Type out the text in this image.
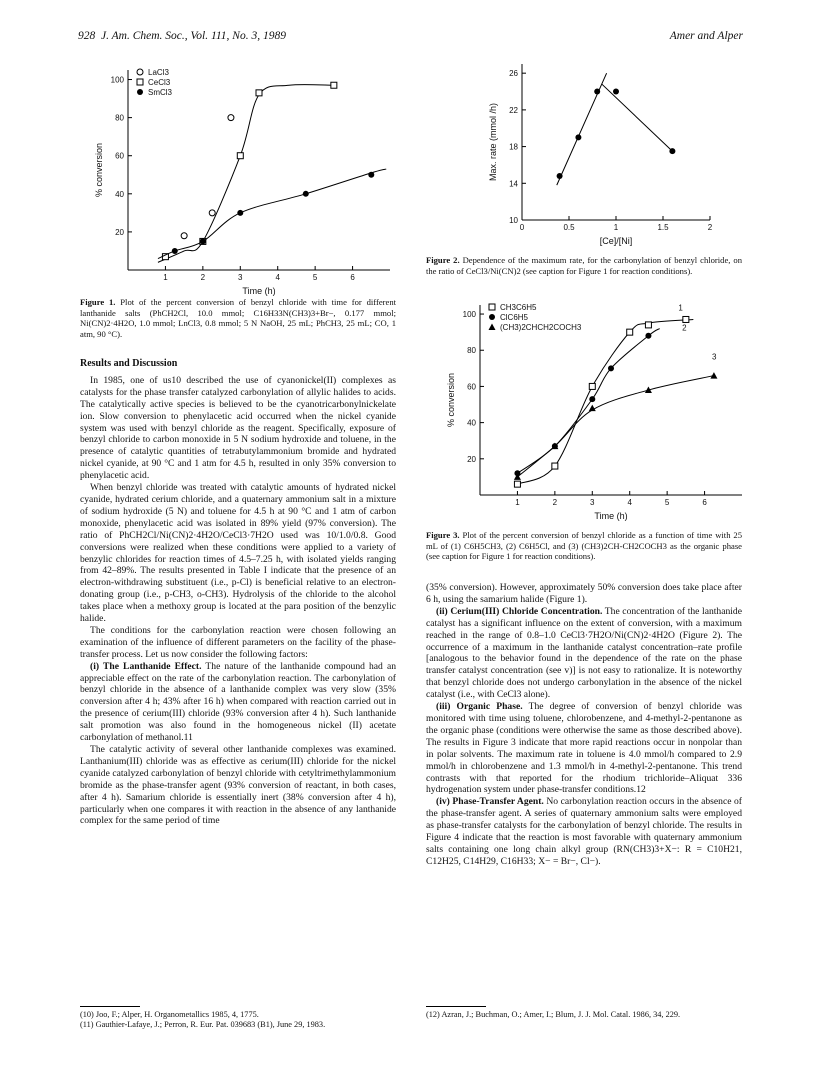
928 J. Am. Chem. Soc., Vol. 111, No. 3, 1989	Amer and Alper
1	2	3	4	5	6
20
40
60
80
100
Time (h)
% conversion
LaCl3
CeCl3
SmCl3
Figure 1. Plot of the percent conversion of benzyl chloride with time for different lanthanide salts (PhCH2Cl, 10.0 mmol; C16H33N(CH3)3+Br−, 0.177 mmol; Ni(CN)2·4H2O, 1.0 mmol; LnCl3, 0.8 mmol; 5 N NaOH, 25 mL; PhCH3, 25 mL; CO, 1 atm, 90 °C).
0	0.5	1	1.5	2
10
14
18
22
26
[Ce]/[Ni]
Max. rate (mmol /h)
Figure 2. Dependence of the maximum rate, for the carbonylation of benzyl chloride, on the ratio of CeCl3/Ni(CN)2 (see caption for Figure 1 for reaction conditions).
1	2	3	4	5	6
20
40
60
80
100
Time (h)
% conversion
CH3C6H5
ClC6H5
(CH3)2CHCH2COCH3
1
2
3
Figure 3. Plot of the percent conversion of benzyl chloride as a function of time with 25 mL of (1) C6H5CH3, (2) C6H5Cl, and (3) (CH3)2CH-CH2COCH3 as the organic phase (see caption for Figure 1 for reaction conditions).
Results and Discussion

In 1985, one of us10 described the use of cyanonickel(II) complexes as catalysts for the phase transfer catalyzed carbonylation of allylic halides to acids. The catalytically active species is believed to be the cyanotricarbonylnickelate ion. Slow conversion to phenylacetic acid occurred when the nickel cyanide system was used with benzyl chloride as the reagent. Specifically, exposure of benzyl chloride to carbon monoxide in 5 N sodium hydroxide and toluene, in the presence of catalytic quantities of tetrabutylammonium bromide and hydrated nickel cyanide, at 90 °C and 1 atm for 4.5 h, resulted in only 35% conversion to phenylacetic acid.

When benzyl chloride was treated with catalytic amounts of hydrated nickel cyanide, hydrated cerium chloride, and a quaternary ammonium salt in a mixture of sodium hydroxide (5 N) and toluene for 4.5 h at 90 °C and 1 atm of carbon monoxide, phenylacetic acid was isolated in 89% yield (97% conversion). The ratio of PhCH2Cl/Ni(CN)2·4H2O/CeCl3·7H2O used was 10/1.0/0.8. Good conversions were realized when these conditions were applied to a variety of benzylic chlorides for reaction times of 4.5–7.25 h, with isolated yields ranging from 42–89%. The results presented in Table I indicate that the presence of an electron-withdrawing substituent (i.e., p-Cl) is beneficial relative to an electron-donating group (i.e., p-CH3, o-CH3). Hydrolysis of the chloride to the alcohol takes place when a methoxy group is located at the para position of the benzylic halide.

The conditions for the carbonylation reaction were chosen following an examination of the influence of different parameters on the facility of the phase-transfer process. Let us now consider the following factors:

(i) The Lanthanide Effect. The nature of the lanthanide compound had an appreciable effect on the rate of the carbonylation reaction. The carbonylation of benzyl chloride in the absence of a lanthanide complex was very slow (35% conversion after 4 h; 43% after 16 h) when compared with reaction carried out in the presence of cerium(III) chloride (93% conversion after 4 h). Such lanthanide salt promotion was also found in the homogeneous nickel (II) acetate carbonylation of methanol.11

The catalytic activity of several other lanthanide complexes was examined. Lanthanium(III) chloride was as effective as cerium(III) chloride for the nickel cyanide catalyzed carbonylation of benzyl chloride with cetyltrimethylammonium bromide as the phase-transfer agent (93% conversion of reactant, in both cases, after 4 h). Samarium chloride is essentially inert (38% conversion after 4 h), particularly when one compares it with reaction in the absence of any lanthanide complex for the same period of time

(35% conversion). However, approximately 50% conversion does take place after 6 h, using the samarium halide (Figure 1).

(ii) Cerium(III) Chloride Concentration. The concentration of the lanthanide catalyst has a significant influence on the extent of conversion, with a maximum reached in the range of 0.8–1.0 CeCl3·7H2O/Ni(CN)2·4H2O (Figure 2). The occurrence of a maximum in the lanthanide catalyst concentration–rate profile [analogous to the behavior found in the dependence of the rate on the phase transfer catalyst concentration (see v)] is not easy to rationalize. It is noteworthy that benzyl chloride does not undergo carbonylation in the absence of the nickel catalyst (i.e., with CeCl3 alone).

(iii) Organic Phase. The degree of conversion of benzyl chloride was monitored with time using toluene, chlorobenzene, and 4-methyl-2-pentanone as the organic phase (conditions were otherwise the same as those described above). The results in Figure 3 indicate that more rapid reactions occur in nonpolar than in polar solvents. The maximum rate in toluene is 4.0 mmol/h compared to 2.9 mmol/h in chlorobenzene and 1.3 mmol/h in 4-methyl-2-pentanone. This trend contrasts with that reported for the rhodium trichloride–Aliquat 336 hydrogenation system under phase-transfer conditions.12

(iv) Phase-Transfer Agent. No carbonylation reaction occurs in the absence of the phase-transfer agent. A series of quaternary ammonium salts were employed as phase-transfer catalysts for the carbonylation of benzyl chloride. The results in Figure 4 indicate that the reaction is most favorable with quaternary ammonium salts containing one long chain alkyl group (RN(CH3)3+X−: R = C10H21, C12H25, C14H29, C16H33; X− = Br−, Cl−).

(10) Joo, F.; Alper, H. Organometallics 1985, 4, 1775.
(11) Gauthier-Lafaye, J.; Perron, R. Eur. Pat. 039683 (B1), June 29, 1983.
(12) Azran, J.; Buchman, O.; Amer, I.; Blum, J. J. Mol. Catal. 1986, 34, 229.
